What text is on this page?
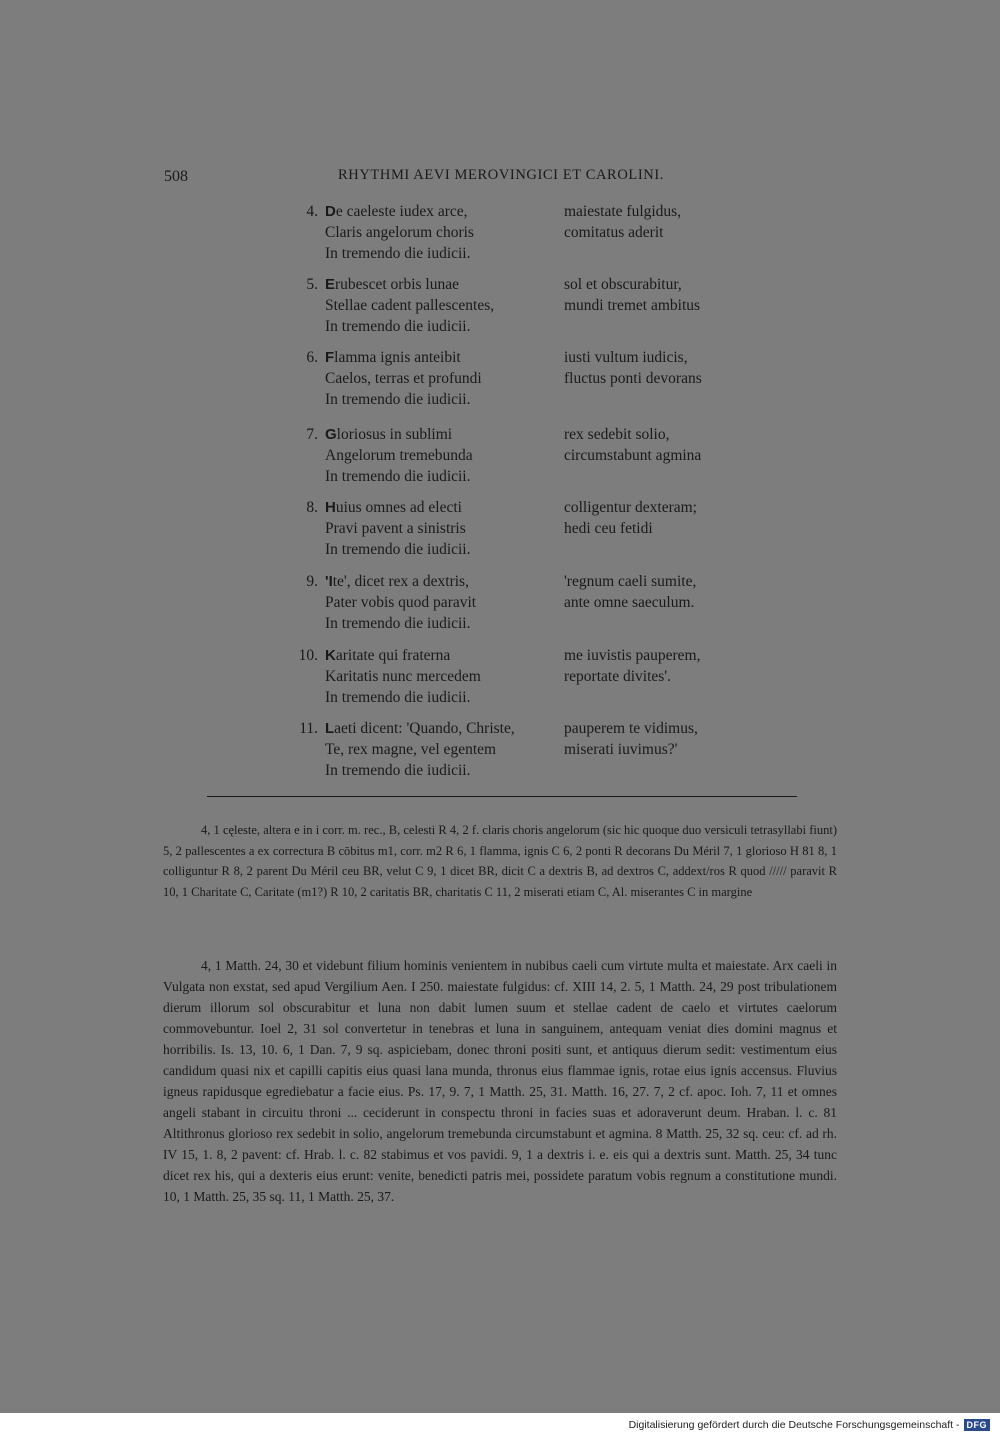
508	RHYTHMI AEVI MEROVINGICI ET CAROLINI.
4. De caeleste iudex arce,	maiestate fulgidus,
Claris angelorum choris	comitatus aderit
In tremendo die iudicii.
5. Erubescet orbis lunae	sol et obscurabitur,
Stellae cadent pallescentes,	mundi tremet ambitus
In tremendo die iudicii.
6. Flamma ignis anteibit	iusti vultum iudicis,
Caelos, terras et profundi	fluctus ponti devorans
In tremendo die iudicii.
7. Gloriosus in sublimi	rex sedebit solio,
Angelorum tremebunda	circumstabunt agmina
In tremendo die iudicii.
8. Huius omnes ad electi	colligentur dexteram;
Pravi pavent a sinistris	hedi ceu fetidi
In tremendo die iudicii.
9. 'Ite', dicet rex a dextris,	'regnum caeli sumite,
Pater vobis quod paravit	ante omne saeculum.
In tremendo die iudicii.
10. Karitate qui fraterna	me iuvistis pauperem,
Karitatis nunc mercedem	reportate divites'.
In tremendo die iudicii.
11. Laeti dicent: 'Quando, Christe,	pauperem te vidimus,
Te, rex magne, vel egentem	miserati iuvimus?'
In tremendo die iudicii.
4, 1 cęleste, altera e in i corr. m. rec., B, celesti R 4, 2 f. claris choris angelorum (sic hic quoque duo versiculi tetrasyllabi fiunt) 5, 2 pallescentes a ex correctura B cōbitus m1, corr. m2 R 6, 1 flamma, ignis C 6, 2 ponti R decorans Du Méril 7, 1 glorioso H 81 8, 1 colliguntur R 8, 2 parent Du Méril ceu BR, velut C 9, 1 dicet BR, dicit C a dextris B, ad dextros C, addext/ros R quod ///// paravit R 10, 1 Charitate C, Caritate (m1?) R 10, 2 caritatis BR, charitatis C 11, 2 miserati etiam C, Al. miserantes C in margine
4, 1 Matth. 24, 30 et videbunt filium hominis venientem in nubibus caeli cum virtute multa et maiestate. Arx caeli in Vulgata non exstat, sed apud Vergilium Aen. I 250. maiestate fulgidus: cf. XIII 14, 2. 5, 1 Matth. 24, 29 post tribulationem dierum illorum sol obscurabitur et luna non dabit lumen suum et stellae cadent de caelo et virtutes caelorum commovebuntur. Ioel 2, 31 sol convertetur in tenebras et luna in sanguinem, antequam veniat dies domini magnus et horribilis. Is. 13, 10. 6, 1 Dan. 7, 9 sq. aspiciebam, donec throni positi sunt, et antiquus dierum sedit: vestimentum eius candidum quasi nix et capilli capitis eius quasi lana munda, thronus eius flammae ignis, rotae eius ignis accensus. Fluvius igneus rapidusque egrediebatur a facie eius. Ps. 17, 9. 7, 1 Matth. 25, 31. Matth. 16, 27. 7, 2 cf. apoc. Ioh. 7, 11 et omnes angeli stabant in circuitu throni ... ceciderunt in conspectu throni in facies suas et adoraverunt deum. Hraban. l. c. 81 Altithronus glorioso rex sedebit in solio, angelorum tremebunda circumstabunt et agmina. 8 Matth. 25, 32 sq. ceu: cf. ad rh. IV 15, 1. 8, 2 pavent: cf. Hrab. l. c. 82 stabimus et vos pavidi. 9, 1 a dextris i. e. eis qui a dextris sunt. Matth. 25, 34 tunc dicet rex his, qui a dexteris eius erunt: venite, benedicti patris mei, possidete paratum vobis regnum a constitutione mundi. 10, 1 Matth. 25, 35 sq. 11, 1 Matth. 25, 37.
Digitalisierung gefördert durch die Deutsche Forschungsgemeinschaft - DFG
